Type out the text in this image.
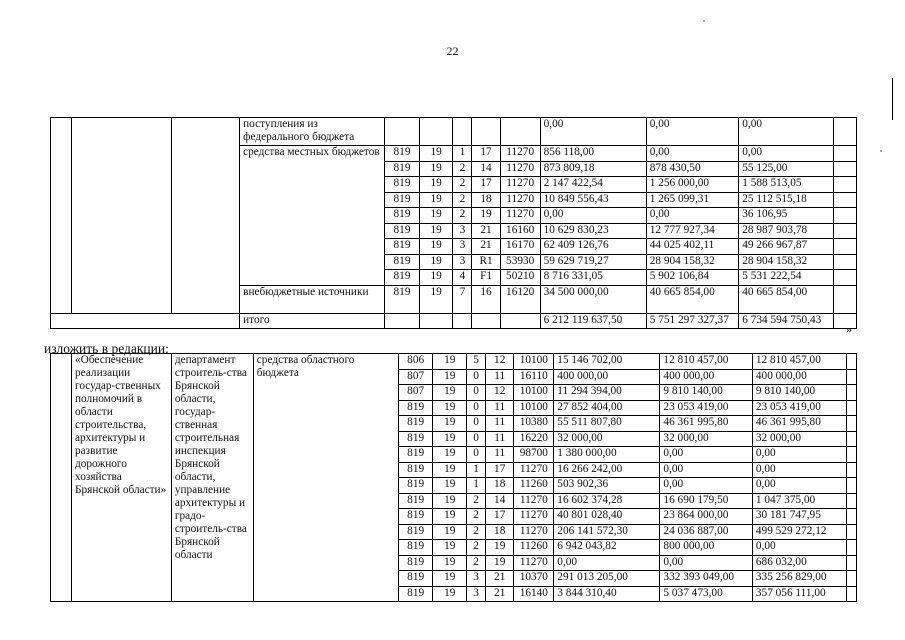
22
			поступления из федерального бюджета						0,00	0,00	0,00	
			средства местных бюджетов	819	19	1	17	11270	856 118,00	0,00	0,00	
				819	19	2	14	11270	873 809,18	878 430,50	55 125,00	
				819	19	2	17	11270	2 147 422,54	1 256 000,00	1 588 513,05	
				819	19	2	18	11270	10 849 556,43	1 265 099,31	25 112 515,18	
				819	19	2	19	11270	0,00	0,00	36 106,95	
				819	19	3	21	16160	10 629 830,23	12 777 927,34	28 987 903,78	
				819	19	3	21	16170	62 409 126,76	44 025 402,11	49 266 967,87	
				819	19	3	R1	53930	59 629 719,27	28 904 158,32	28 904 158,32	
				819	19	4	F1	50210	8 716 331,05	5 902 106,84	5 531 222,54	
			внебюджетные источники	819	19	7	16	16120	34 500 000,00	40 665 854,00	40 665 854,00	
			итого						6 212 119 637,50	5 751 297 327,37	6 734 594 750,43	
изложить в редакции:
»
	«Обеспечение реализации государ-ственных полномочий в области строительства, архитектуры и развитие дорожного хозяйства Брянской области»	департамент строитель-ства Брянской области, государ-ственная строительная инспекция Брянской области, управление архитектуры и градо-строитель-ства Брянской области	средства областного бюджета	806	19	5	12	10100	15 146 702,00	12 810 457,00	12 810 457,00	
				807	19	0	11	16110	400 000,00	400 000,00	400 000,00	
				807	19	0	12	10100	11 294 394,00	9 810 140,00	9 810 140,00	
				819	19	0	11	10100	27 852 404,00	23 053 419,00	23 053 419,00	
				819	19	0	11	10380	55 511 807,80	46 361 995,80	46 361 995,80	
				819	19	0	11	16220	32 000,00	32 000,00	32 000,00	
				819	19	0	11	98700	1 380 000,00	0,00	0,00	
				819	19	1	17	11270	16 266 242,00	0,00	0,00	
				819	19	1	18	11260	503 902,36	0,00	0,00	
				819	19	2	14	11270	16 602 374,28	16 690 179,50	1 047 375,00	
				819	19	2	17	11270	40 801 028,40	23 864 000,00	30 181 747,95	
				819	19	2	18	11270	206 141 572,30	24 036 887,00	499 529 272,12	
				819	19	2	19	11260	6 942 043,82	800 000,00	0,00	
				819	19	2	19	11270	0,00	0,00	686 032,00	
				819	19	3	21	10370	291 013 205,00	332 393 049,00	335 256 829,00	
				819	19	3	21	16140	3 844 310,40	5 037 473,00	357 056 111,00	
